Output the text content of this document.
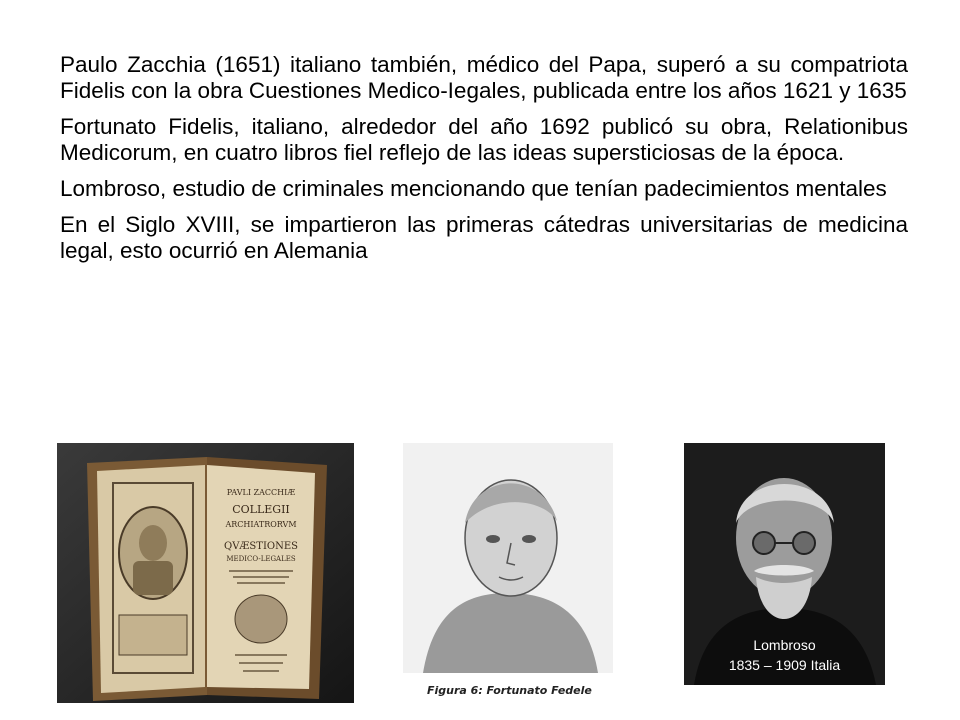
Paulo Zacchia (1651) italiano también, médico del Papa, superó a su compatriota Fidelis con la obra Cuestiones Medico-Iegales, publicada entre los años 1621 y 1635

Fortunato Fidelis, italiano, alrededor del año 1692 publicó su obra, Relationibus Medicorum, en cuatro libros fiel reflejo de las ideas supersticiosas de la época.

Lombroso, estudio de criminales mencionando que tenían padecimientos mentales

En el Siglo XVIII, se impartieron las primeras cátedras universitarias de medicina legal, esto ocurrió en Alemania

PAVLI ZACCHIÆ
COLLEGII
ARCHIATRORVM
QVÆSTIONES
MEDICO-LEGALES
Figura 6: Fortunato Fedele
Lombroso
1835 – 1909 Italia
